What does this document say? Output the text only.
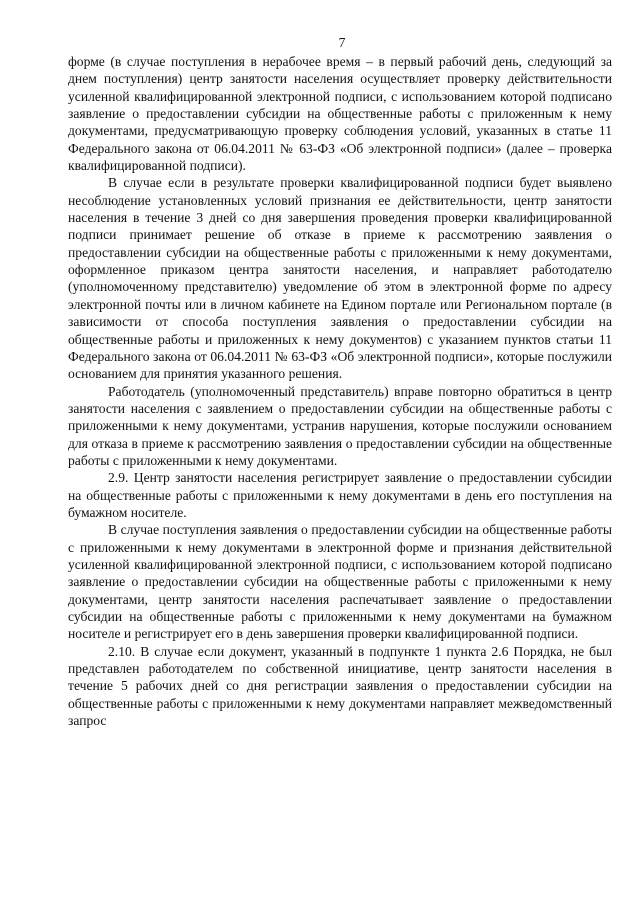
7

форме (в случае поступления в нерабочее время – в первый рабочий день, следующий за днем поступления) центр занятости населения осуществляет проверку действительности усиленной квалифицированной электронной подписи, с использованием которой подписано заявление о предоставлении субсидии на общественные работы с приложенным к нему документами, предусматривающую проверку соблюдения условий, указанных в статье 11 Федерального закона от 06.04.2011 № 63-ФЗ «Об электронной подписи» (далее – проверка квалифицированной подписи).

В случае если в результате проверки квалифицированной подписи будет выявлено несоблюдение установленных условий признания ее действительности, центр занятости населения в течение 3 дней со дня завершения проведения проверки квалифицированной подписи принимает решение об отказе в приеме к рассмотрению заявления о предоставлении субсидии на общественные работы с приложенными к нему документами, оформленное приказом центра занятости населения, и направляет работодателю (уполномоченному представителю) уведомление об этом в электронной форме по адресу электронной почты или в личном кабинете на Едином портале или Региональном портале (в зависимости от способа поступления заявления о предоставлении субсидии на общественные работы и приложенных к нему документов) с указанием пунктов статьи 11 Федерального закона от 06.04.2011 № 63-ФЗ «Об электронной подписи», которые послужили основанием для принятия указанного решения.

Работодатель (уполномоченный представитель) вправе повторно обратиться в центр занятости населения с заявлением о предоставлении субсидии на общественные работы с приложенными к нему документами, устранив нарушения, которые послужили основанием для отказа в приеме к рассмотрению заявления о предоставлении субсидии на общественные работы с приложенными к нему документами.

2.9. Центр занятости населения регистрирует заявление о предоставлении субсидии на общественные работы с приложенными к нему документами в день его поступления на бумажном носителе.

В случае поступления заявления о предоставлении субсидии на общественные работы с приложенными к нему документами в электронной форме и признания действительной усиленной квалифицированной электронной подписи, с использованием которой подписано заявление о предоставлении субсидии на общественные работы с приложенными к нему документами, центр занятости населения распечатывает заявление о предоставлении субсидии на общественные работы с приложенными к нему документами на бумажном носителе и регистрирует его в день завершения проверки квалифицированной подписи.

2.10. В случае если документ, указанный в подпункте 1 пункта 2.6 Порядка, не был представлен работодателем по собственной инициативе, центр занятости населения в течение 5 рабочих дней со дня регистрации заявления о предоставлении субсидии на общественные работы с приложенными к нему документами направляет межведомственный запрос
